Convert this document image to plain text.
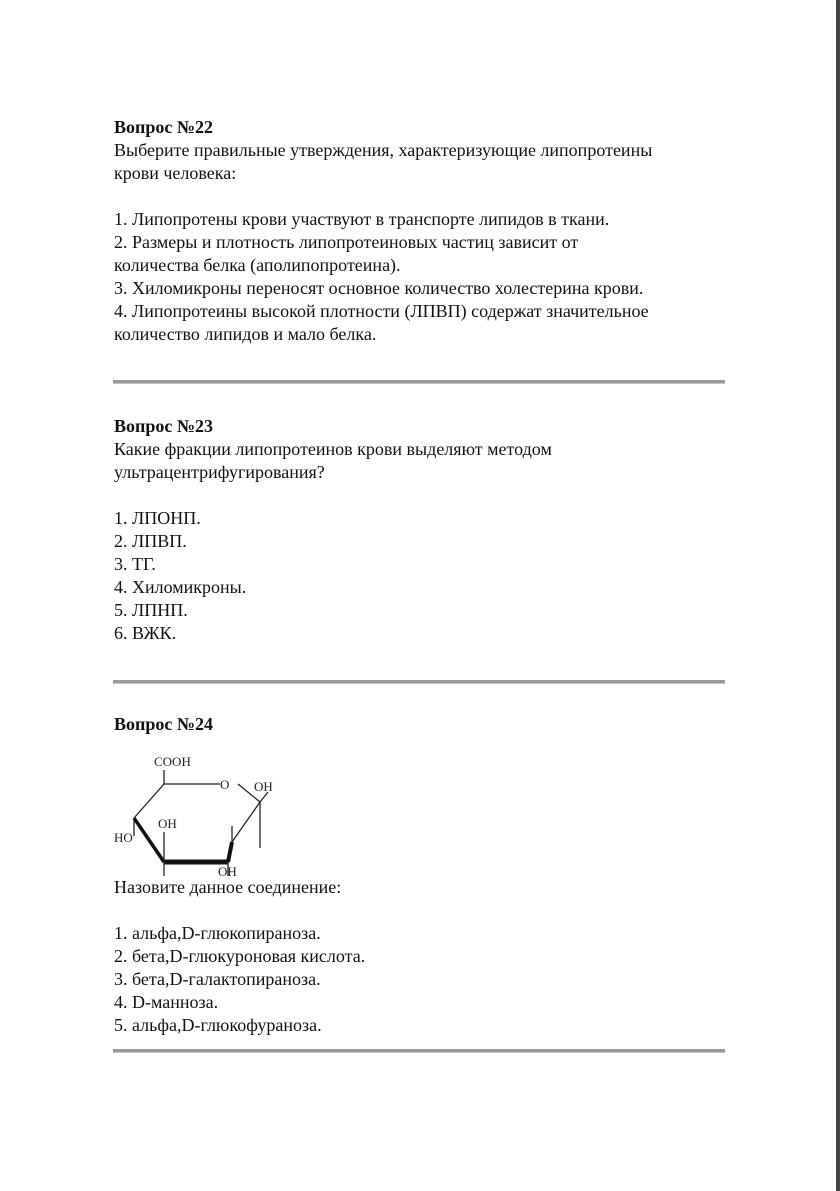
Вопрос №22

Выберите правильные утверждения, характеризующие липопротеины

крови человека:

1. Липопротены крови участвуют в транспорте липидов в ткани.
2. Размеры и плотность липопротеиновых частиц зависит от
количества белка (аполипопротеина).
3. Хиломикроны переносят основное количество холестерина крови.
4. Липопротеины высокой плотности (ЛПВП) содержат значительное
количество липидов и мало белка.

Вопрос №23

Какие фракции липопротеинов крови выделяют методом

ультрацентрифугирования?

1. ЛПОНП.
2. ЛПВП.
3. ТГ.
4. Хиломикроны.
5. ЛПНП.
6. ВЖК.

Вопрос №24

COOH
O OH
OH
HO
OH

Назовите данное соединение:

1. альфа,D-глюкопираноза.
2. бета,D-глюкуроновая кислота.
3. бета,D-галактопираноза.
4. D-манноза.
5. альфа,D-глюкофураноза.
